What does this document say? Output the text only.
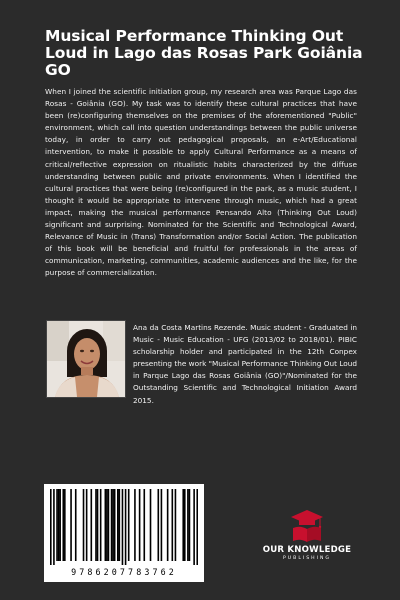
Musical Performance Thinking Out Loud in Lago das Rosas Park Goiânia GO
When I joined the scientific initiation group, my research area was Parque Lago das Rosas - Goiânia (GO). My task was to identify these cultural practices that have been (re)configuring themselves on the premises of the aforementioned "Public" environment, which call into question understandings between the public universe today, in order to carry out pedagogical proposals, an e-Art/Educational intervention, to make it possible to apply Cultural Performance as a means of critical/reflective expression on ritualistic habits characterized by the diffuse understanding between public and private environments. When I identified the cultural practices that were being (re)configured in the park, as a music student, I thought it would be appropriate to intervene through music, which had a great impact, making the musical performance Pensando Alto (Thinking Out Loud) significant and surprising. Nominated for the Scientific and Technological Award, Relevance of Music in (Trans) Transformation and/or Social Action. The publication of this book will be beneficial and fruitful for professionals in the areas of communication, marketing, communities, academic audiences and the like, for the purpose of commercialization.
Ana da Costa Martins Rezende. Music student - Graduated in Music - Music Education - UFG (2013/02 to 2018/01). PIBIC scholarship holder and participated in the 12th Conpex presenting the work "Musical Performance Thinking Out Loud in Parque Lago das Rosas Goiânia (GO)"/Nominated for the Outstanding Scientific and Technological Initiation Award 2015.
9786207783762
OUR KNOWLEDGE
PUBLISHING
